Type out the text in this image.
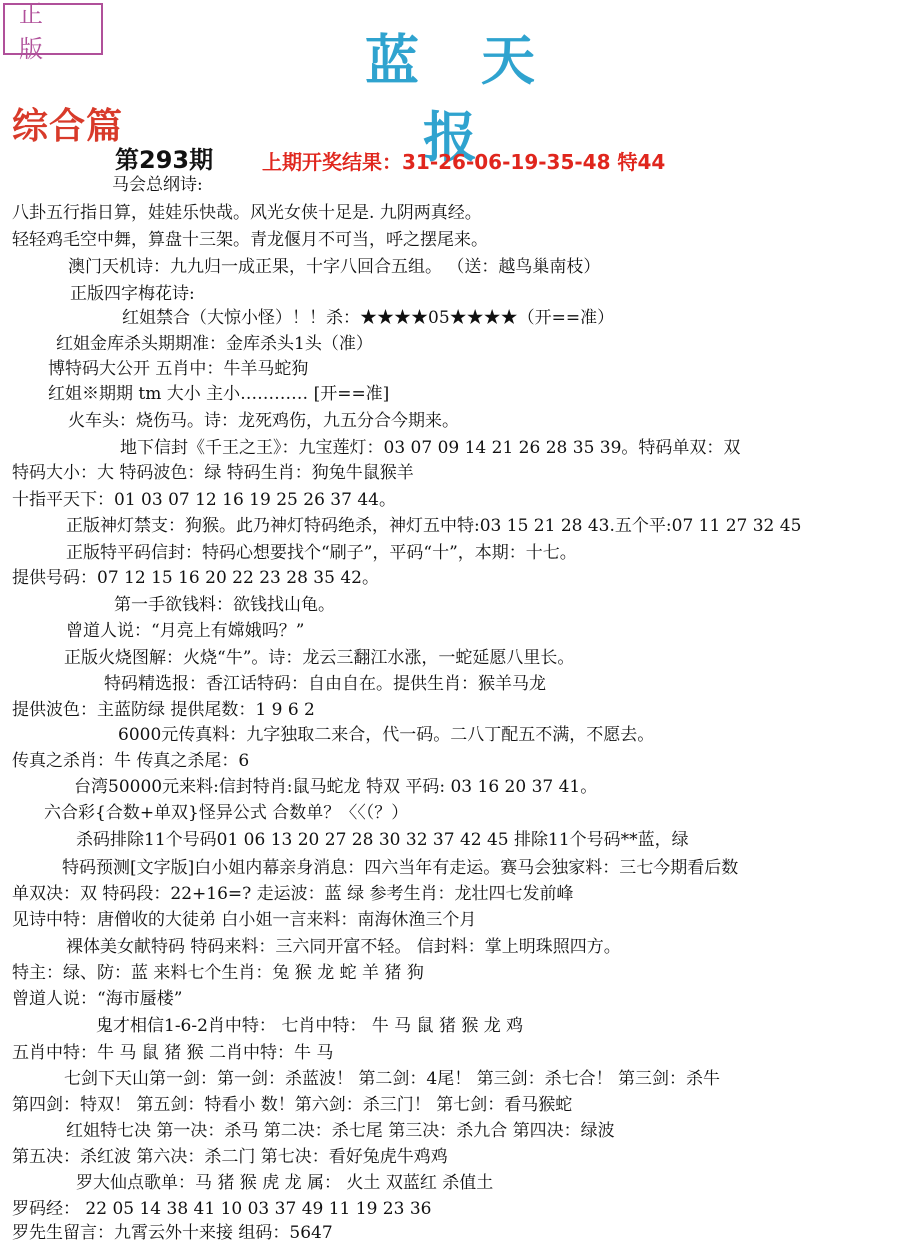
正版	蓝天报
综合篇
第293期 上期开奖结果：31-26-06-19-35-48 特44
马会总纲诗:
八卦五行指日算，娃娃乐快哉。风光女侠十足是. 九阴两真经。
轻轻鸡毛空中舞，算盘十三架。青龙偃月不可当，呼之摆尾来。
澳门天机诗：九九归一成正果，十字八回合五组。 （送：越鸟巢南枝）
正版四字梅花诗:
红姐禁合（大惊小怪）！！杀：★★★★05★★★★（开==准）
红姐金库杀头期期准：金库杀头1头（准）
博特码大公开 五肖中：牛羊马蛇狗
红姐※期期 tm 大小 主小………… [开==准]
火车头：烧伤马。诗：龙死鸡伤，九五分合今期来。
地下信封《千王之王》：九宝莲灯：03 07 09 14 21 26 28 35 39。特码单双：双
特码大小：大 特码波色：绿 特码生肖：狗兔牛鼠猴羊
十指平天下：01 03 07 12 16 19 25 26 37 44。
正版神灯禁支：狗猴。此乃神灯特码绝杀，神灯五中特:03 15 21 28 43.五个平:07 11 27 32 45
正版特平码信封：特码心想要找个“刷子”，平码“十”，本期：十七。
提供号码：07 12 15 16 20 22 23 28 35 42。
第一手欲钱料：欲钱找山龟。
曾道人说：“月亮上有嫦娥吗？”
正版火烧图解：火烧“牛”。诗：龙云三翻江水涨，一蛇延愿八里长。
特码精选报：香江话特码：自由自在。提供生肖：猴羊马龙
提供波色：主蓝防绿 提供尾数：1 9 6 2
6000元传真料：九字独取二来合，代一码。二八丁配五不满，不愿去。
传真之杀肖：牛 传真之杀尾：6
台湾50000元来料:信封特肖:鼠马蛇龙 特双 平码: 03 16 20 37 41。
六合彩{合数+单双}怪异公式 合数单？〈〈（？）
杀码排除11个号码01 06 13 20 27 28 30 32 37 42 45 排除11个号码**蓝，绿
特码预测[文字版]白小姐内幕亲身消息：四六当年有走运。赛马会独家料：三七今期看后数
单双决：双 特码段：22+16=? 走运波：蓝 绿 参考生肖：龙壮四七发前峰
见诗中特：唐僧收的大徒弟 白小姐一言来料：南海休渔三个月
裸体美女献特码 特码来料：三六同开富不轻。 信封料：掌上明珠照四方。
特主：绿、防：蓝 来料七个生肖：兔 猴 龙 蛇 羊 猪 狗
曾道人说：“海市蜃楼”
鬼才相信1-6-2肖中特： 七肖中特： 牛 马 鼠 猪 猴 龙 鸡
五肖中特：牛 马 鼠 猪 猴 二肖中特：牛 马
七剑下天山第一剑：第一剑：杀蓝波！ 第二剑：4尾！ 第三剑：杀七合！ 第三剑：杀牛
第四剑：特双！ 第五剑：特看小 数！第六剑：杀三门！ 第七剑：看马猴蛇
红姐特七决 第一决：杀马 第二决：杀七尾 第三决：杀九合 第四决：绿波
第五决：杀红波 第六决：杀二门 第七决：看好兔虎牛鸡鸡
罗大仙点歌单：马 猪 猴 虎 龙 属： 火土 双蓝红 杀值土
罗码经： 22 05 14 38 41 10 03 37 49 11 19 23 36
罗先生留言：九霄云外十来接 组码：5647
